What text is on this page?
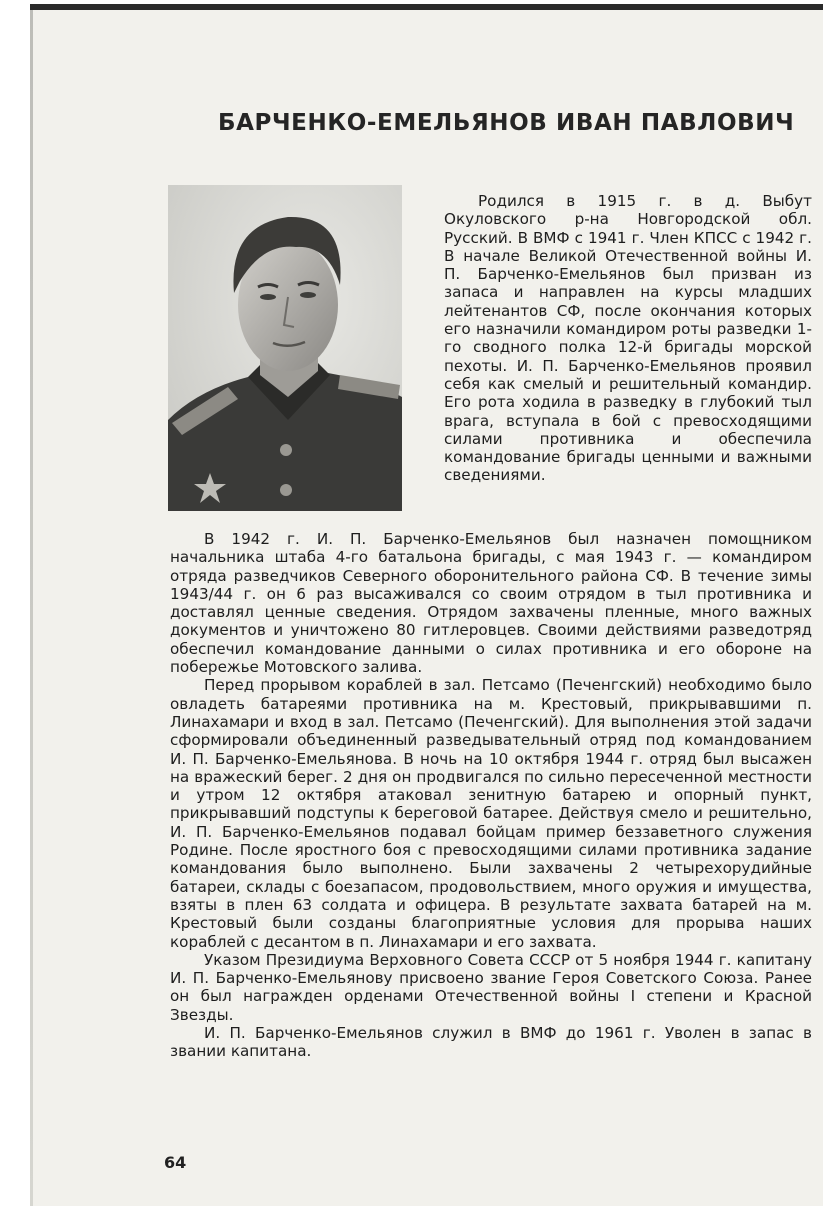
БАРЧЕНКО-ЕМЕЛЬЯНОВ ИВАН ПАВЛОВИЧ

Родился в 1915 г. в д. Выбут Окуловского р-на Новгородской обл. Русский. В ВМФ с 1941 г. Член КПСС с 1942 г. В начале Великой Отечественной войны И. П. Барченко-Емельянов был призван из запаса и направлен на курсы младших лейтенантов СФ, после окончания которых его назначили командиром роты разведки 1-го сводного полка 12-й бригады морской пехоты. И. П. Барченко-Емельянов проявил себя как смелый и решительный командир. Его рота ходила в разведку в глубокий тыл врага, вступала в бой с превосходящими силами противника и обеспечила командование бригады ценными и важными сведениями.

В 1942 г. И. П. Барченко-Емельянов был назначен помощником начальника штаба 4-го батальона бригады, с мая 1943 г. — командиром отряда разведчиков Северного оборонительного района СФ. В течение зимы 1943/44 г. он 6 раз высаживался со своим отрядом в тыл противника и доставлял ценные сведения. Отрядом захвачены пленные, много важных документов и уничтожено 80 гитлеровцев. Своими действиями разведотряд обеспечил командование данными о силах противника и его обороне на побережье Мотовского залива.

Перед прорывом кораблей в зал. Петсамо (Печенгский) необходимо было овладеть батареями противника на м. Крестовый, прикрывавшими п. Линахамари и вход в зал. Петсамо (Печенгский). Для выполнения этой задачи сформировали объединенный разведывательный отряд под командованием И. П. Барченко-Емельянова. В ночь на 10 октября 1944 г. отряд был высажен на вражеский берег. 2 дня он продвигался по сильно пересеченной местности и утром 12 октября атаковал зенитную батарею и опорный пункт, прикрывавший подступы к береговой батарее. Действуя смело и решительно, И. П. Барченко-Емельянов подавал бойцам пример беззаветного служения Родине. После яростного боя с превосходящими силами противника задание командования было выполнено. Были захвачены 2 четырехорудийные батареи, склады с боезапасом, продовольствием, много оружия и имущества, взяты в плен 63 солдата и офицера. В результате захвата батарей на м. Крестовый были созданы благоприятные условия для прорыва наших кораблей с десантом в п. Линахамари и его захвата.

Указом Президиума Верховного Совета СССР от 5 ноября 1944 г. капитану И. П. Барченко-Емельянову присвоено звание Героя Советского Союза. Ранее он был награжден орденами Отечественной войны I степени и Красной Звезды.

И. П. Барченко-Емельянов служил в ВМФ до 1961 г. Уволен в запас в звании капитана.

64
